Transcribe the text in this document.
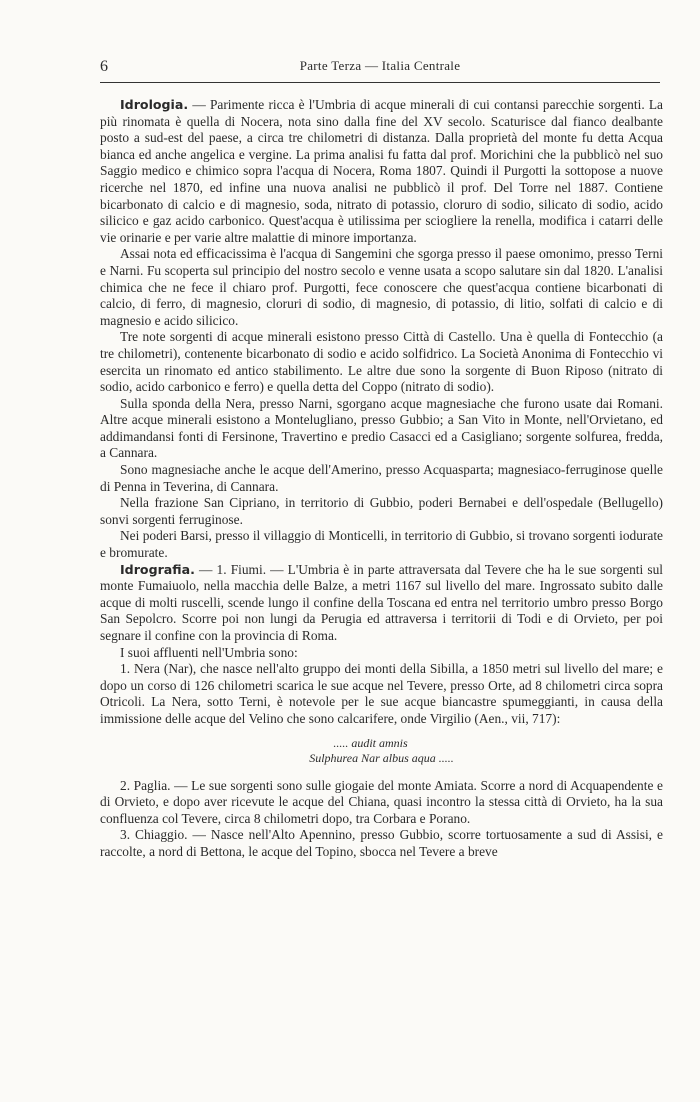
6	Parte Terza — Italia Centrale

Idrologia. — Parimente ricca è l'Umbria di acque minerali di cui contansi parecchie sorgenti. La più rinomata è quella di Nocera, nota sino dalla fine del XV secolo. Scaturisce dal fianco dealbante posto a sud-est del paese, a circa tre chilometri di distanza. Dalla proprietà del monte fu detta Acqua bianca ed anche angelica e vergine. La prima analisi fu fatta dal prof. Morichini che la pubblicò nel suo Saggio medico e chimico sopra l'acqua di Nocera, Roma 1807. Quindi il Purgotti la sottopose a nuove ricerche nel 1870, ed infine una nuova analisi ne pubblicò il prof. Del Torre nel 1887. Contiene bicarbonato di calcio e di magnesio, soda, nitrato di potassio, cloruro di sodio, silicato di sodio, acido silicico e gaz acido carbonico. Quest'acqua è utilissima per sciogliere la renella, modifica i catarri delle vie orinarie e per varie altre malattie di minore importanza.

Assai nota ed efficacissima è l'acqua di Sangemini che sgorga presso il paese omonimo, presso Terni e Narni. Fu scoperta sul principio del nostro secolo e venne usata a scopo salutare sin dal 1820. L'analisi chimica che ne fece il chiaro prof. Purgotti, fece conoscere che quest'acqua contiene bicarbonati di calcio, di ferro, di magnesio, cloruri di sodio, di magnesio, di potassio, di litio, solfati di calcio e di magnesio e acido silicico.

Tre note sorgenti di acque minerali esistono presso Città di Castello. Una è quella di Fontecchio (a tre chilometri), contenente bicarbonato di sodio e acido solfidrico. La Società Anonima di Fontecchio vi esercita un rinomato ed antico stabilimento. Le altre due sono la sorgente di Buon Riposo (nitrato di sodio, acido carbonico e ferro) e quella detta del Coppo (nitrato di sodio).

Sulla sponda della Nera, presso Narni, sgorgano acque magnesiache che furono usate dai Romani. Altre acque minerali esistono a Monteluglianо, presso Gubbio; a San Vito in Monte, nell'Orvietano, ed addimandansi fonti di Fersinone, Travertino e predio Casacci ed a Casigliano; sorgente solfurea, fredda, a Cannara.

Sono magnesiache anche le acque dell'Amerino, presso Acquasparta; magnesiaco-ferruginose quelle di Penna in Teverina, di Cannara.

Nella frazione San Cipriano, in territorio di Gubbio, poderi Bernabei e dell'ospedale (Bellugello) sonvi sorgenti ferruginose.

Nei poderi Barsi, presso il villaggio di Monticelli, in territorio di Gubbio, si trovano sorgenti iodurate e bromurate.

Idrografia. — 1. Fiumi. — L'Umbria è in parte attraversata dal Tevere che ha le sue sorgenti sul monte Fumaiuolo, nella macchia delle Balze, a metri 1167 sul livello del mare. Ingrossato subito dalle acque di molti ruscelli, scende lungo il confine della Toscana ed entra nel territorio umbro presso Borgo San Sepolcro. Scorre poi non lungi da Perugia ed attraversa i territorii di Todi e di Orvieto, per poi segnare il confine con la provincia di Roma.

I suoi affluenti nell'Umbria sono:

1. Nera (Nar), che nasce nell'alto gruppo dei monti della Sibilla, a 1850 metri sul livello del mare; e dopo un corso di 126 chilometri scarica le sue acque nel Tevere, presso Orte, ad 8 chilometri circa sopra Otricoli. La Nera, sotto Terni, è notevole per le sue acque biancastre spumeggianti, in causa della immissione delle acque del Velino che sono calcarifere, onde Virgilio (Aen., vii, 717):

..... audit amnis
Sulphurea Nar albus aqua .....

2. Paglia. — Le sue sorgenti sono sulle giogaie del monte Amiata. Scorre a nord di Acquapendente e di Orvieto, e dopo aver ricevute le acque del Chiana, quasi incontro la stessa città di Orvieto, ha la sua confluenza col Tevere, circa 8 chilometri dopo, tra Corbara e Porano.

3. Chiaggio. — Nasce nell'Alto Apennino, presso Gubbio, scorre tortuosamente a sud di Assisi, e raccolte, a nord di Bettona, le acque del Topino, sbocca nel Tevere a breve
